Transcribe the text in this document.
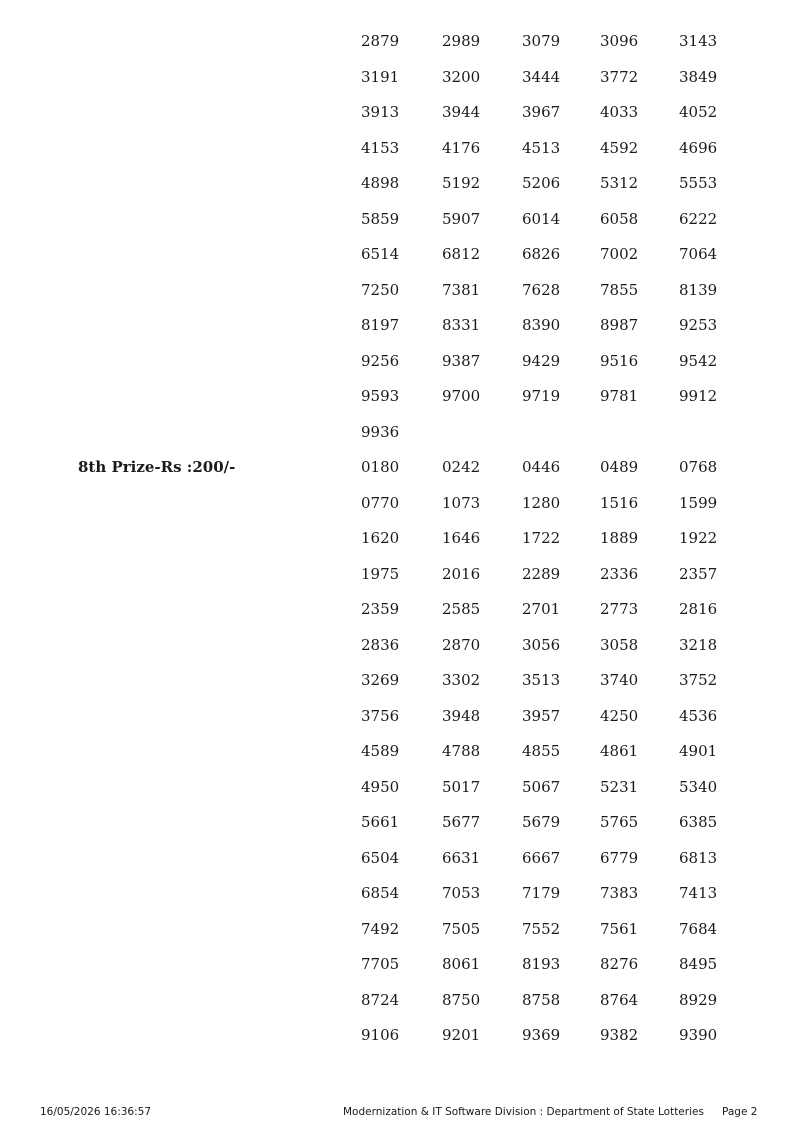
2879	2989	3079	3096	3143
3191	3200	3444	3772	3849
3913	3944	3967	4033	4052
4153	4176	4513	4592	4696
4898	5192	5206	5312	5553
5859	5907	6014	6058	6222
6514	6812	6826	7002	7064
7250	7381	7628	7855	8139
8197	8331	8390	8987	9253
9256	9387	9429	9516	9542
9593	9700	9719	9781	9912
9936
8th Prize-Rs :200/-	0180	0242	0446	0489	0768
0770	1073	1280	1516	1599
1620	1646	1722	1889	1922
1975	2016	2289	2336	2357
2359	2585	2701	2773	2816
2836	2870	3056	3058	3218
3269	3302	3513	3740	3752
3756	3948	3957	4250	4536
4589	4788	4855	4861	4901
4950	5017	5067	5231	5340
5661	5677	5679	5765	6385
6504	6631	6667	6779	6813
6854	7053	7179	7383	7413
7492	7505	7552	7561	7684
7705	8061	8193	8276	8495
8724	8750	8758	8764	8929
9106	9201	9369	9382	9390
16/05/2026 16:36:57	Modernization & IT Software Division : Department of State Lotteries Page 2
